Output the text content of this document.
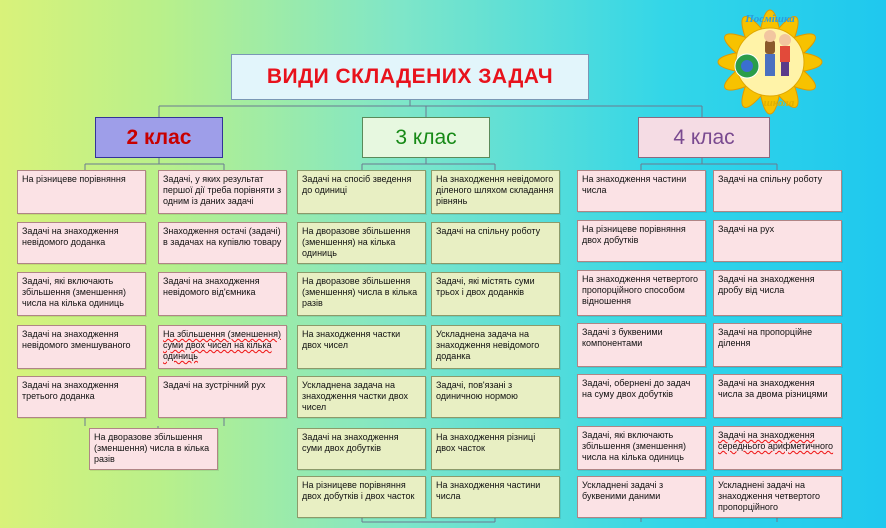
ВИДИ СКЛАДЕНИХ ЗАДАЧ
Посмішка
школа
2 клас	3 клас	4 клас
На різницеве порівняння	Задачі, у яких результат першої дії треба порівняти з одним із даних задачі
Задачі на знаходження невідомого доданка
Знаходження остачі (задачі) в задачах на купівлю товару
Задачі, які включають збільшення (зменшення) числа на кілька одиниць
Задачі на знаходження невідомого від'ємника
Задачі на знаходження невідомого зменшуваного
На збільшення (зменшення) суми двох чисел на кілька одиниць
Задачі на знаходження третього доданка
Задачі на зустрічний рух
На дворазове збільшення (зменшення) числа в кілька разів
Задачі на спосіб зведення до одиниці
На знаходження невідомого діленого шляхом складання рівнянь
На дворазове збільшення (зменшення) на кілька одиниць
Задачі на спільну роботу
На дворазове збільшення (зменшення) числа в кілька разів
Задачі, які містять суми трьох і двох доданків
На знаходження частки двох чисел
Ускладнена задача на знаходження невідомого доданка
Ускладнена задача на знаходження частки двох чисел
Задачі, пов'язані з одиничною нормою
Задачі на знаходження суми двох добутків
На знаходження різниці двох часток
На різницеве порівняння двох добутків і двох часток
На знаходження частини числа
На знаходження частини числа
Задачі на спільну роботу
На різницеве порівняння двох добутків
Задачі на рух
На знаходження четвертого пропорційного способом відношення
Задачі на знаходження дробу від числа
Задачі з буквеними компонентами
Задачі на пропорційне ділення
Задачі, обернені до задач на суму двох добутків
Задачі на знаходження числа за двома різницями
Задачі, які включають збільшення (зменшення) числа на кілька одиниць
Задачі на знаходження середнього арифметичного
Ускладнені задачі з буквеними даними
Ускладнені задачі на знаходження четвертого пропорційного
